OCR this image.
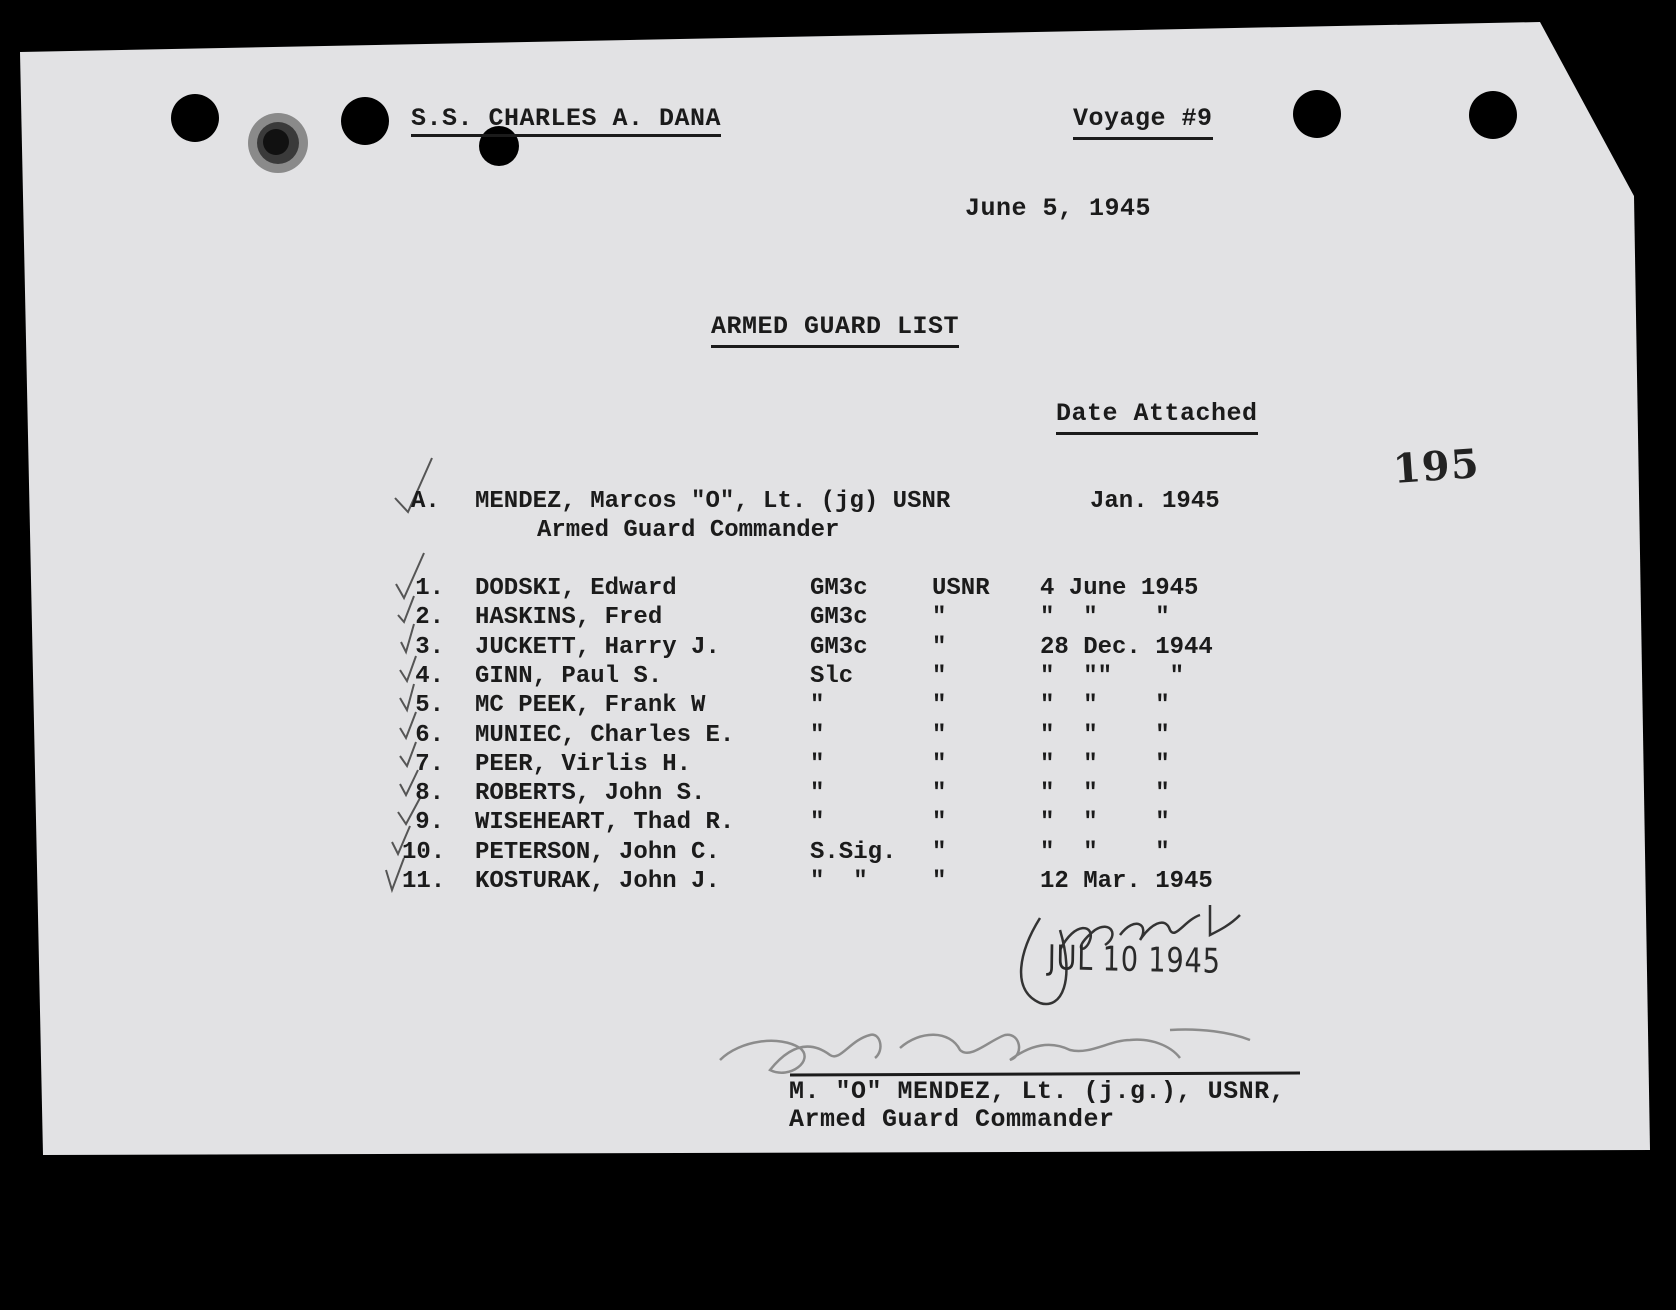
S.S. CHARLES A. DANA	Voyage #9
June 5, 1945
ARMED GUARD LIST
Date Attached
195
A. MENDEZ, Marcos "O", Lt. (jg) USNR	Jan. 1945
Armed Guard Commander
1. DODSKI, Edward	GM3c	USNR 4 June 1945
2. HASKINS, Fred	GM3c	"	"  "    "
3. JUCKETT, Harry J.	GM3c	"	28 Dec. 1944
4. GINN, Paul S.	Slc	"	"  ""    "
5. MC PEEK, Frank W	"	"	"  "    "
6. MUNIEC, Charles E.	"	"	"  "    "
7. PEER, Virlis H.	"	"	"  "    "
8. ROBERTS, John S.	"	"	"  "    "
9. WISEHEART, Thad R.	"	"	"  "    "
10. PETERSON, John C.	S.Sig. "	"  "    "
11. KOSTURAK, John J.	"  "	"	12 Mar. 1945
JUL 10 1945
M. "O" MENDEZ, Lt. (j.g.), USNR,
Armed Guard Commander
